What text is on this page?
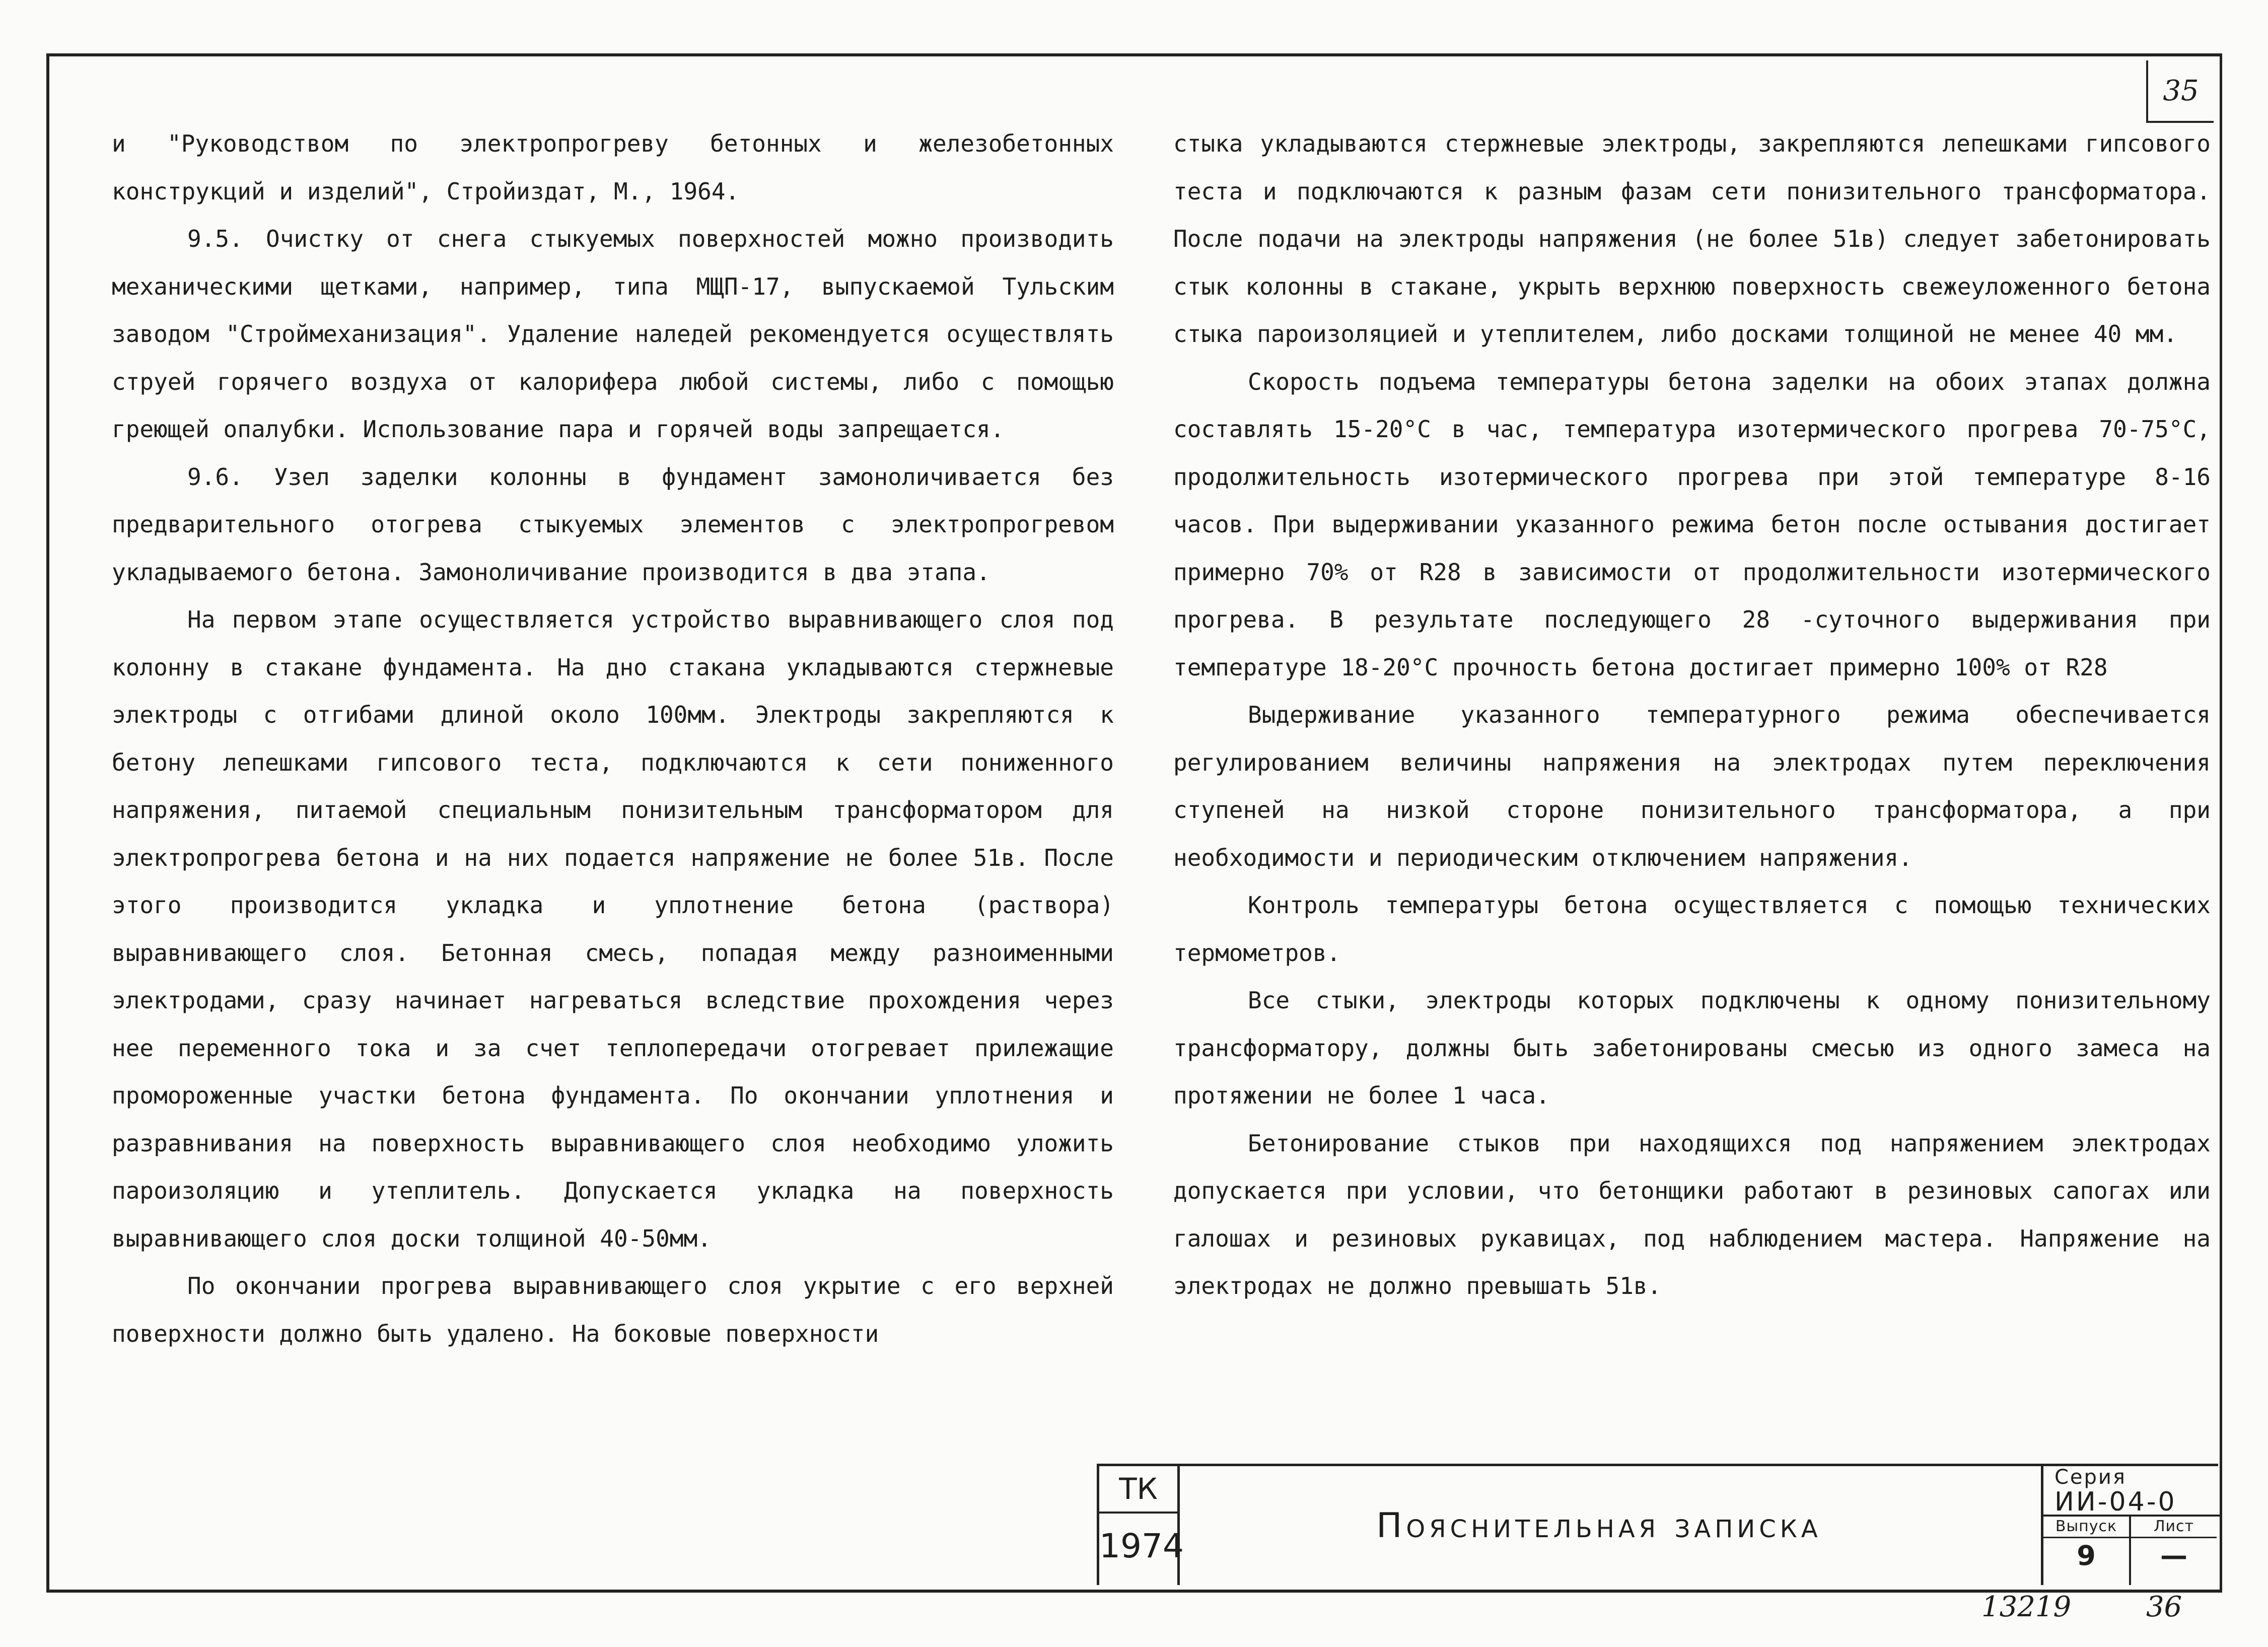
35

и "Руководством по электропрогреву бетонных и железобетонных конструкций и изделий", Стройиздат, М., 1964.

9.5. Очистку от снега стыкуемых поверхностей можно производить механическими щетками, например, типа МЩП-17, выпускаемой Тульским заводом "Строймеханизация". Удаление наледей рекомендуется осуществлять струей горячего воздуха от калорифера любой системы, либо с помощью греющей опалубки. Использование пара и горячей воды запрещается.

9.6. Узел заделки колонны в фундамент замоноличивается без предварительного отогрева стыкуемых элементов с электропрогревом укладываемого бетона. Замоноличивание производится в два этапа.

На первом этапе осуществляется устройство выравнивающего слоя под колонну в стакане фундамента. На дно стакана укладываются стержневые электроды с отгибами длиной около 100мм. Электроды закрепляются к бетону лепешками гипсового теста, подключаются к сети пониженного напряжения, питаемой специальным понизительным трансформатором для электропрогрева бетона и на них подается напряжение не более 51в. После этого производится укладка и уплотнение бетона (раствора) выравнивающего слоя. Бетонная смесь, попадая между разноименными электродами, сразу начинает нагреваться вследствие прохождения через нее переменного тока и за счет теплопередачи отогревает прилежащие промороженные участки бетона фундамента. По окончании уплотнения и разравнивания на поверхность выравнивающего слоя необходимо уложить пароизоляцию и утеплитель. Допускается укладка на поверхность выравнивающего слоя доски толщиной 40-50мм.

По окончании прогрева выравнивающего слоя укрытие с его верхней поверхности должно быть удалено. На боковые поверхности

стыка укладываются стержневые электроды, закрепляются лепешками гипсового теста и подключаются к разным фазам сети понизительного трансформатора. После подачи на электроды напряжения (не более 51в) следует забетонировать стык колонны в стакане, укрыть верхнюю поверхность свежеуложенного бетона стыка пароизоляцией и утеплителем, либо досками толщиной не менее 40 мм.

Скорость подъема температуры бетона заделки на обоих этапах должна составлять 15-20°С в час, температура изотермического прогрева 70-75°С, продолжительность изотермического прогрева при этой температуре 8-16 часов. При выдерживании указанного режима бетон после остывания достигает примерно 70% от R28 в зависимости от продолжительности изотермического прогрева. В результате последующего 28 -суточного выдерживания при температуре 18-20°С прочность бетона достигает примерно 100% от R28

Выдерживание указанного температурного режима обеспечивается регулированием величины напряжения на электродах путем переключения ступеней на низкой стороне понизительного трансформатора, а при необходимости и периодическим отключением напряжения.

Контроль температуры бетона осуществляется с помощью технических термометров.

Все стыки, электроды которых подключены к одному понизительному трансформатору, должны быть забетонированы смесью из одного замеса на протяжении не более 1 часа.

Бетонирование стыков при находящихся под напряжением электродах допускается при условии, что бетонщики работают в резиновых сапогах или галошах и резиновых рукавицах, под наблюдением мастера. Напряжение на электродах не должно превышать 51в.

ТК
1974
Пояснительная записка
Серия
ИИ-04-0
Выпуск
9
Лист
—
13219	36
